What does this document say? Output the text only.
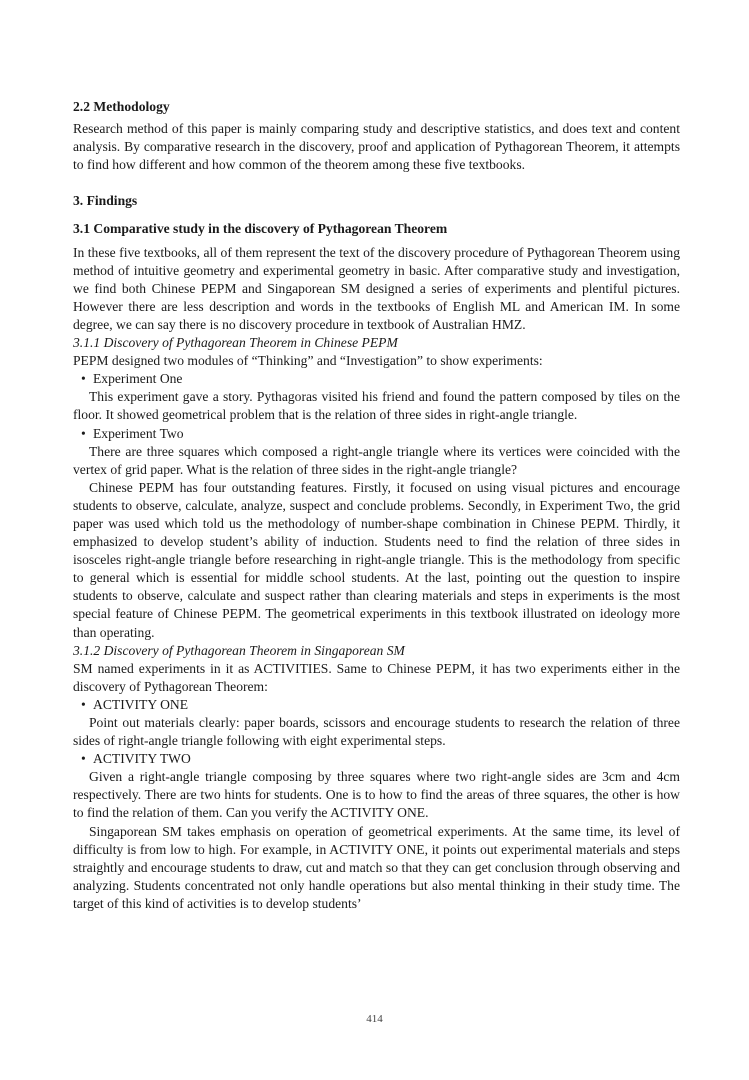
2.2 Methodology

Research method of this paper is mainly comparing study and descriptive statistics, and does text and content analysis. By comparative research in the discovery, proof and application of Pythagorean Theorem, it attempts to find how different and how common of the theorem among these five textbooks.

3. Findings
3.1 Comparative study in the discovery of Pythagorean Theorem

In these five textbooks, all of them represent the text of the discovery procedure of Pythagorean Theorem using method of intuitive geometry and experimental geometry in basic. After comparative study and investigation, we find both Chinese PEPM and Singaporean SM designed a series of experiments and plentiful pictures. However there are less description and words in the textbooks of English ML and American IM. In some degree, we can say there is no discovery procedure in textbook of Australian HMZ.

3.1.1 Discovery of Pythagorean Theorem in Chinese PEPM

PEPM designed two modules of “Thinking” and “Investigation” to show experiments:

• Experiment One

This experiment gave a story. Pythagoras visited his friend and found the pattern composed by tiles on the floor. It showed geometrical problem that is the relation of three sides in right-angle triangle.

• Experiment Two

There are three squares which composed a right-angle triangle where its vertices were coincided with the vertex of grid paper. What is the relation of three sides in the right-angle triangle?

Chinese PEPM has four outstanding features. Firstly, it focused on using visual pictures and encourage students to observe, calculate, analyze, suspect and conclude problems. Secondly, in Experiment Two, the grid paper was used which told us the methodology of number-shape combination in Chinese PEPM. Thirdly, it emphasized to develop student’s ability of induction. Students need to find the relation of three sides in isosceles right-angle triangle before researching in right-angle triangle. This is the methodology from specific to general which is essential for middle school students. At the last, pointing out the question to inspire students to observe, calculate and suspect rather than clearing materials and steps in experiments is the most special feature of Chinese PEPM. The geometrical experiments in this textbook illustrated on ideology more than operating.

3.1.2 Discovery of Pythagorean Theorem in Singaporean SM

SM named experiments in it as ACTIVITIES. Same to Chinese PEPM, it has two experiments either in the discovery of Pythagorean Theorem:

• ACTIVITY ONE

Point out materials clearly: paper boards, scissors and encourage students to research the relation of three sides of right-angle triangle following with eight experimental steps.

• ACTIVITY TWO

Given a right-angle triangle composing by three squares where two right-angle sides are 3cm and 4cm respectively. There are two hints for students. One is to how to find the areas of three squares, the other is how to find the relation of them. Can you verify the ACTIVITY ONE.

Singaporean SM takes emphasis on operation of geometrical experiments. At the same time, its level of difficulty is from low to high. For example, in ACTIVITY ONE, it points out experimental materials and steps straightly and encourage students to draw, cut and match so that they can get conclusion through observing and analyzing. Students concentrated not only handle operations but also mental thinking in their study time. The target of this kind of activities is to develop students’

414
